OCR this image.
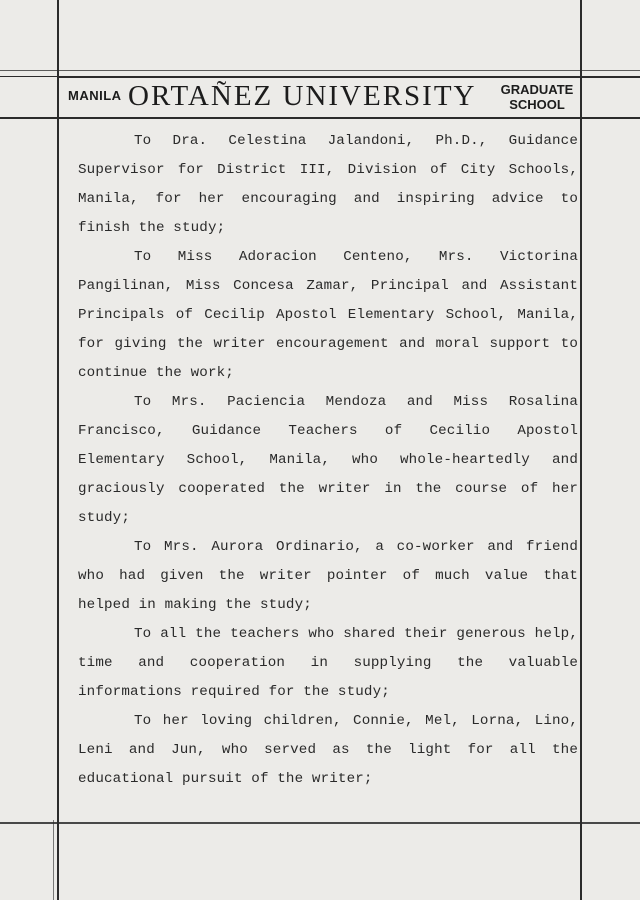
MANILA ORTAÑEZ UNIVERSITY GRADUATE
SCHOOL

To Dra. Celestina Jalandoni, Ph.D., Guidance Supervisor for District III, Division of City Schools, Manila, for her encouraging and inspiring advice to finish the study;

To Miss Adoracion Centeno, Mrs. Victorina Pangilinan, Miss Concesa Zamar, Principal and Assistant Principals of Cecilip Apostol Elementary School, Manila, for giving the writer encouragement and moral support to continue the work;

To Mrs. Paciencia Mendoza and Miss Rosalina Francisco, Guidance Teachers of Cecilio Apostol Elementary School, Manila, who whole-heartedly and graciously cooperated the writer in the course of her study;

To Mrs. Aurora Ordinario, a co-worker and friend who had given the writer pointer of much value that helped in making the study;

To all the teachers who shared their generous help, time and cooperation in supplying the valuable informations required for the study;

To her loving children, Connie, Mel, Lorna, Lino, Leni and Jun, who served as the light for all the educational pursuit of the writer;
